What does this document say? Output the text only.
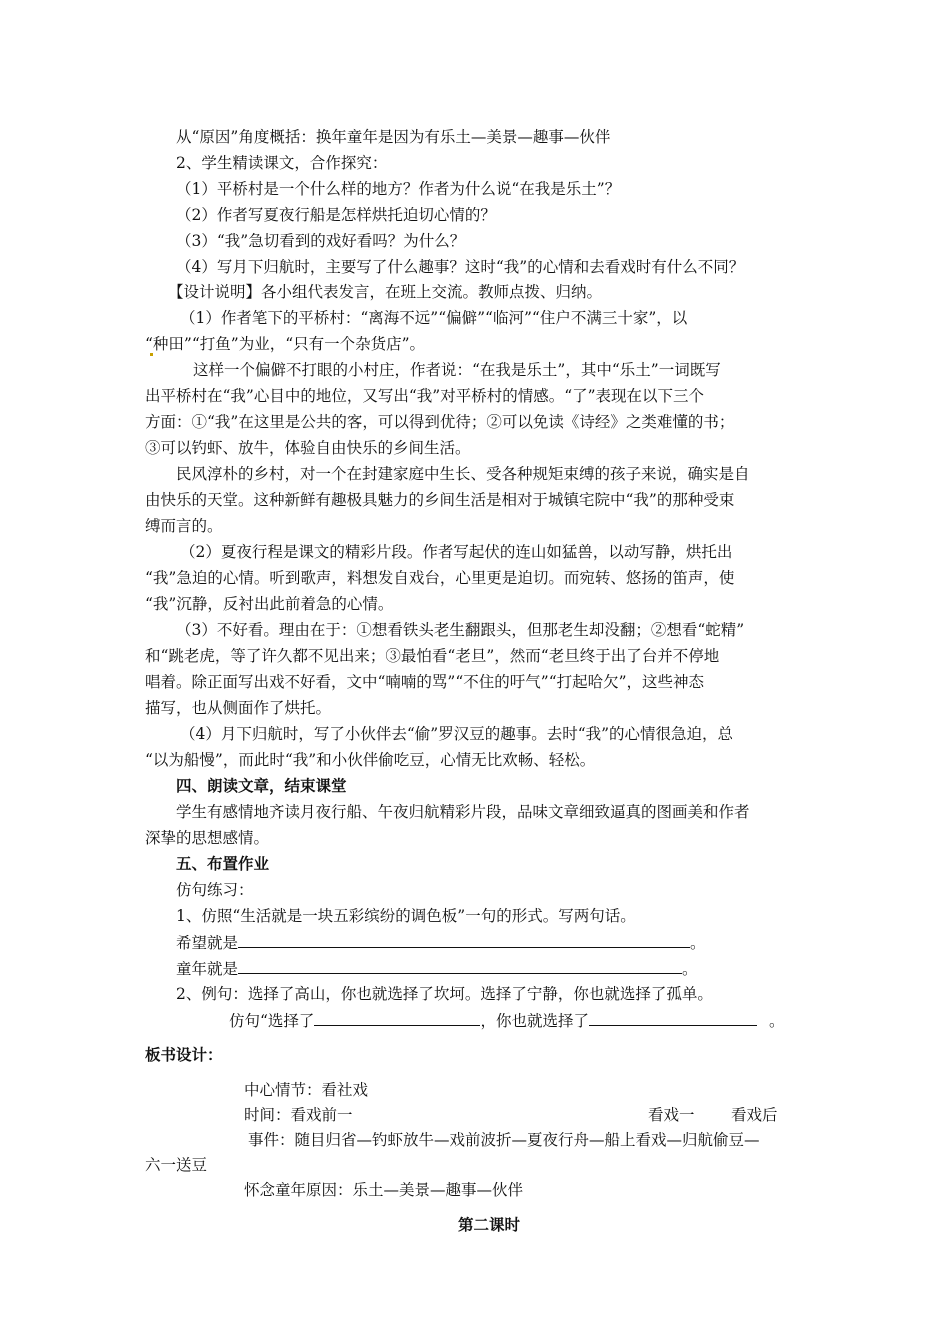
从“原因”角度概括：换年童年是因为有乐土—美景—趣事—伙伴
2、学生精读课文，合作探究：
（1）平桥村是一个什么样的地方？作者为什么说“在我是乐土”？
（2）作者写夏夜行船是怎样烘托迫切心情的？
（3）“我”急切看到的戏好看吗？为什么？
（4）写月下归航时，主要写了什么趣事？这时“我”的心情和去看戏时有什么不同？
【设计说明】各小组代表发言，在班上交流。教师点拨、归纳。
（1）作者笔下的平桥村：“离海不远”“偏僻”“临河”“住户不满三十家”，以
“种田”“打鱼”为业，“只有一个杂货店”。
这样一个偏僻不打眼的小村庄，作者说：“在我是乐土”，其中“乐土”一词既写
出平桥村在“我”心目中的地位，又写出“我”对平桥村的情感。“了”表现在以下三个
方面：①“我”在这里是公共的客，可以得到优待；②可以免读《诗经》之类难懂的书；
③可以钓虾、放牛，体验自由快乐的乡间生活。
民风淳朴的乡村，对一个在封建家庭中生长、受各种规矩束缚的孩子来说，确实是自
由快乐的天堂。这种新鲜有趣极具魅力的乡间生活是相对于城镇宅院中“我”的那种受束
缚而言的。
（2）夏夜行程是课文的精彩片段。作者写起伏的连山如猛兽，以动写静，烘托出
“我”急迫的心情。听到歌声，料想发自戏台，心里更是迫切。而宛转、悠扬的笛声，使
“我”沉静，反衬出此前着急的心情。
（3）不好看。理由在于：①想看铁头老生翻跟头，但那老生却没翻；②想看“蛇精”
和“跳老虎，等了许久都不见出来；③最怕看“老旦”，然而“老旦终于出了台并不停地
唱着。除正面写出戏不好看，文中“喃喃的骂”“不住的吁气”“打起哈欠”，这些神态
描写，也从侧面作了烘托。
（4）月下归航时，写了小伙伴去“偷”罗汉豆的趣事。去时“我”的心情很急迫，总
“以为船慢”，而此时“我”和小伙伴偷吃豆，心情无比欢畅、轻松。
四、朗读文章，结束课堂
学生有感情地齐读月夜行船、午夜归航精彩片段，品味文章细致逼真的图画美和作者
深挚的思想感情。
五、布置作业
仿句练习：
1、仿照“生活就是一块五彩缤纷的调色板”一句的形式。写两句话。
希望就是	。
童年就是	。
2、例句：选择了高山，你也就选择了坎坷。选择了宁静，你也就选择了孤单。
仿句“选择了	，你也就选择了	。
板书设计：
中心情节：看社戏
时间：看戏前一	看戏一 看戏后
事件：随目归省—钓虾放牛—戏前波折—夏夜行舟—船上看戏—归航偷豆—
六一送豆
怀念童年原因：乐土—美景—趣事—伙伴
第二课时
